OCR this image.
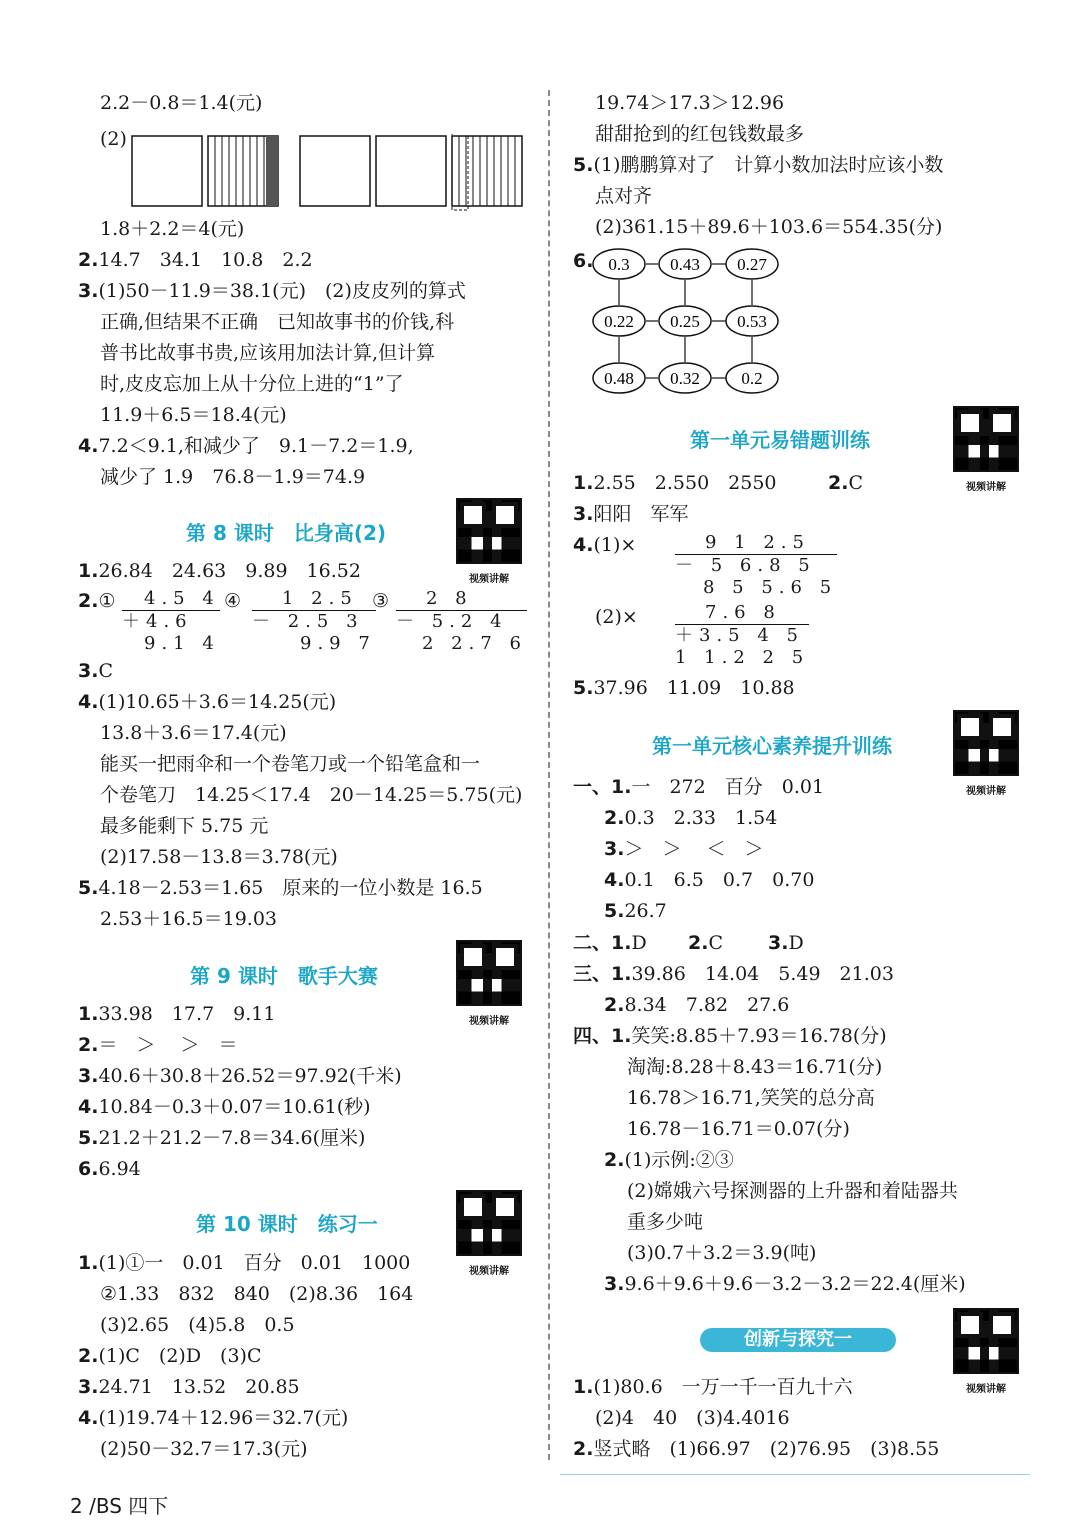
2.2－0.8＝1.4(元)
(2)
1.8＋2.2＝4(元)
2.14.7　34.1　10.8　2.2
3.(1)50－11.9＝38.1(元)　(2)皮皮列的算式
正确,但结果不正确　已知故事书的价钱,科
普书比故事书贵,应该用加法计算,但计算
时,皮皮忘加上从十分位上进的“1”了
11.9＋6.5＝18.4(元)
4.7.2＜9.1,和减少了　9.1－7.2＝1.9,
减少了 1.9　76.8－1.9＝74.9
第 8 课时　比身高(2)
视频讲解
1.26.84　24.63　9.89　16.52
2.①	④	③
4.5 4
＋4.6
9.1 4
1 2.5
－ 2.5 3
9.9 7
2 8
－ 5.2 4
2 2.7 6
3.C
4.(1)10.65＋3.6＝14.25(元)
13.8＋3.6＝17.4(元)
能买一把雨伞和一个卷笔刀或一个铅笔盒和一
个卷笔刀　14.25＜17.4　20－14.25＝5.75(元)
最多能剩下 5.75 元
(2)17.58－13.8＝3.78(元)
5.4.18－2.53＝1.65　原来的一位小数是 16.5
2.53＋16.5＝19.03
第 9 课时　歌手大赛
视频讲解
1.33.98　17.7　9.11
2.＝　＞　 ＞　＝
3.40.6＋30.8＋26.52＝97.92(千米)
4.10.84－0.3＋0.07＝10.61(秒)
5.21.2＋21.2－7.8＝34.6(厘米)
6.6.94
第 10 课时　练习一
视频讲解
1.(1)①一　0.01　百分　0.01　1000
②1.33　832　840　(2)8.36　164
(3)2.65　(4)5.8　0.5
2.(1)C　(2)D　(3)C
3.24.71　13.52　20.85
4.(1)19.74＋12.96＝32.7(元)
(2)50－32.7＝17.3(元)
19.74＞17.3＞12.96
甜甜抢到的红包钱数最多
5.(1)鹏鹏算对了　计算小数加法时应该小数
点对齐
(2)361.15＋89.6＋103.6＝554.35(分)
6. 0.3 0.43 0.27
0.22 0.25 0.53
0.48 0.32 0.2
第一单元易错题训练
视频讲解
1.2.55　2.550　2550	2.C
3.阳阳　军军
4.(1)×	9 1 2.5
－ 5 6.8 5
8 5 5.6 5
(2)×	7.6 8
＋3.5 4 5
1 1.2 2 5
5.37.96　11.09　10.88
第一单元核心素养提升训练
视频讲解
一、1.一　272　百分　0.01
2.0.3　2.33　1.54
3.＞　＞　 ＜　＞
4.0.1　6.5　0.7　0.70
5.26.7
二、1.D 2.C 3.D
三、1.39.86　14.04　5.49　21.03
2.8.34　7.82　27.6
四、1.笑笑:8.85＋7.93＝16.78(分)
淘淘:8.28＋8.43＝16.71(分)
16.78＞16.71,笑笑的总分高
16.78－16.71＝0.07(分)
2.(1)示例:②③
(2)嫦娥六号探测器的上升器和着陆器共
重多少吨
(3)0.7＋3.2＝3.9(吨)
3.9.6＋9.6＋9.6－3.2－3.2＝22.4(厘米)
创新与探究一
视频讲解
1.(1)80.6　一万一千一百九十六
(2)4　40　(3)4.4016
2.竖式略　(1)66.97　(2)76.95　(3)8.55
2 /BS 四下
